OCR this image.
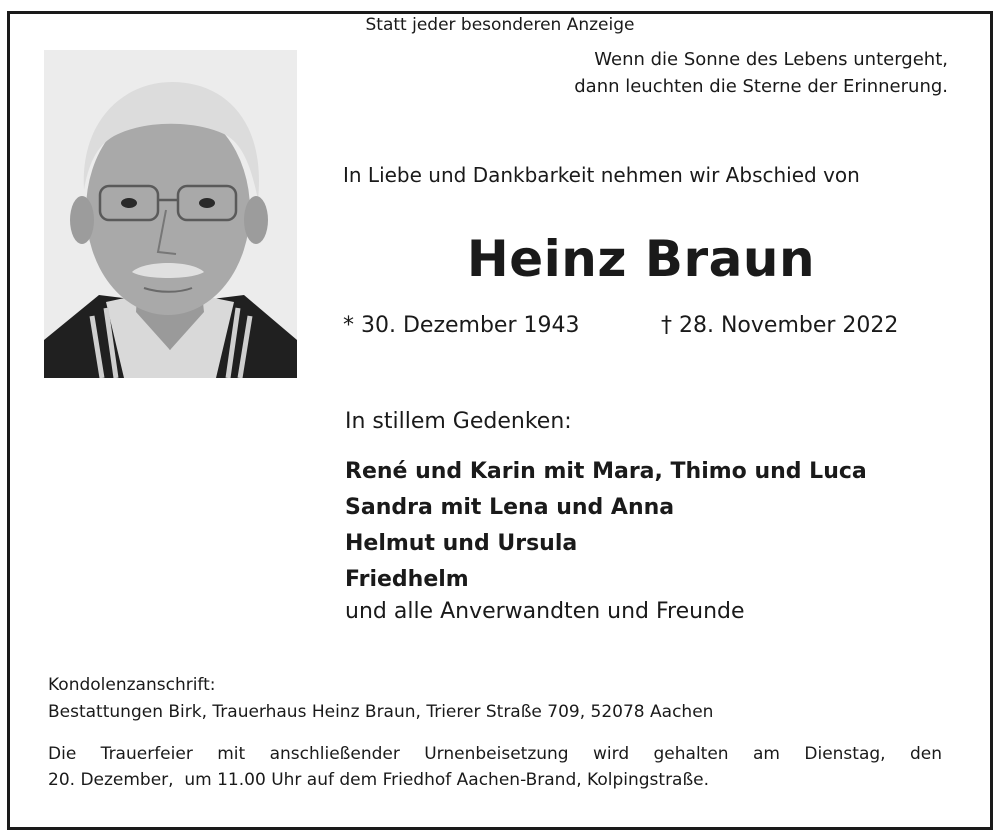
Statt jeder besonderen Anzeige
Wenn die Sonne des Lebens untergeht,
dann leuchten die Sterne der Erinnerung.
In Liebe und Dankbarkeit nehmen wir Abschied von
Heinz Braun
* 30. Dezember 1943	† 28. November 2022
In stillem Gedenken:
René und Karin mit Mara, Thimo und Luca
Sandra mit Lena und Anna
Helmut und Ursula
Friedhelm
und alle Anverwandten und Freunde
Kondolenzanschrift:
Bestattungen Birk, Trauerhaus Heinz Braun, Trierer Straße 709, 52078 Aachen
Die Trauerfeier mit anschließender Urnenbeisetzung wird gehalten am Dienstag, den
20. Dezember,  um 11.00 Uhr auf dem Friedhof Aachen-Brand, Kolpingstraße.
